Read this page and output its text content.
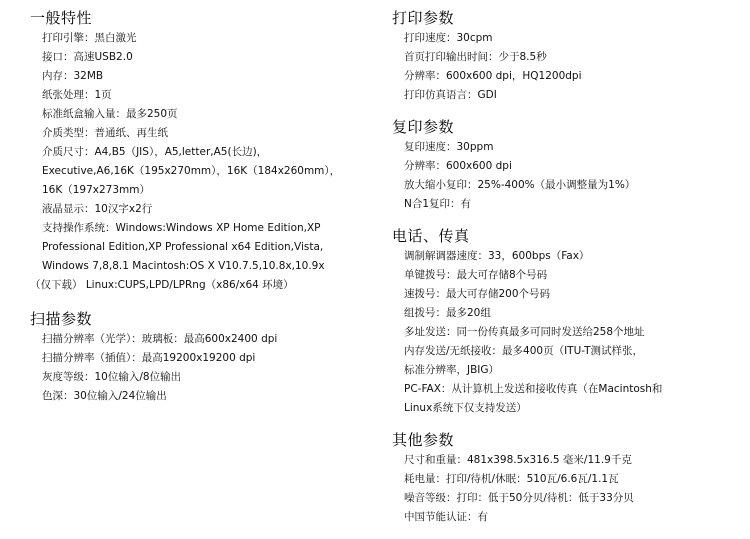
一般特性
打印引擎：黑白激光
接口：高速USB2.0
内存：32MB
纸张处理：1页
标准纸盒输入量：最多250页
介质类型：普通纸、再生纸
介质尺寸：A4,B5（JIS），A5,letter,A5(长边)，
Executive,A6,16K（195x270mm），16K（184x260mm），
16K（197x273mm）
液晶显示：10汉字x2行
支持操作系统：Windows:Windows XP Home Edition,XP
Professional Edition,XP Professional x64 Edition,Vista,
Windows 7,8,8.1 Macintosh:OS X V10.7.5,10.8x,10.9x
（仅下载） Linux:CUPS,LPD/LPRng（x86/x64 环境）
扫描参数
扫描分辨率（光学）：玻璃板：最高600x2400 dpi
扫描分辨率（插值）：最高19200x19200 dpi
灰度等级：10位输入/8位输出
色深：30位输入/24位输出
打印参数
打印速度：30cpm
首页打印输出时间：少于8.5秒
分辨率：600x600 dpi，HQ1200dpi
打印仿真语言：GDI
复印参数
复印速度：30ppm
分辨率：600x600 dpi
放大缩小复印：25%-400%（最小调整量为1%）
N合1复印：有
电话、传真
调制解调器速度：33，600bps（Fax）
单键拨号：最大可存储8个号码
速拨号：最大可存储200个号码
组拨号：最多20组
多址发送：同一份传真最多可同时发送给258个地址
内存发送/无纸接收：最多400页（ITU-T测试样张，
标准分辨率，JBIG）
PC-FAX：从计算机上发送和接收传真（在Macintosh和
Linux系统下仅支持发送）
其他参数
尺寸和重量：481x398.5x316.5 毫米/11.9千克
耗电量：打印/待机/休眠：510瓦/6.6瓦/1.1瓦
噪音等级：打印：低于50分贝/待机：低于33分贝
中国节能认证：有
